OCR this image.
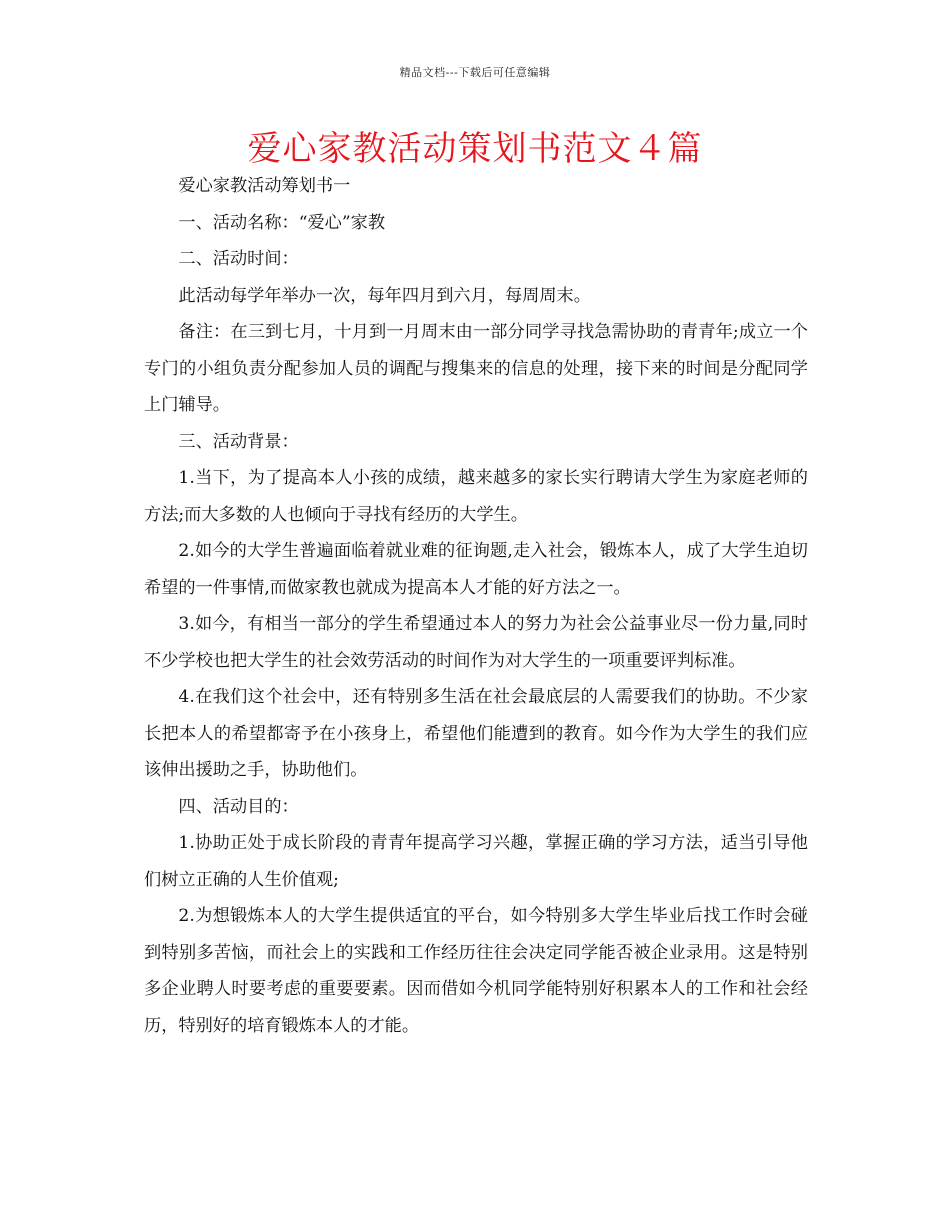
精品文档---下载后可任意编辑
爱心家教活动策划书范文４篇

爱心家教活动筹划书一

一、活动名称：“爱心”家教

二、活动时间：

此活动每学年举办一次，每年四月到六月，每周周末。

备注：在三到七月，十月到一月周末由一部分同学寻找急需协助的青青年;成立一个专门的小组负责分配参加人员的调配与搜集来的信息的处理，接下来的时间是分配同学上门辅导。

三、活动背景：

1.当下，为了提高本人小孩的成绩，越来越多的家长实行聘请大学生为家庭老师的方法;而大多数的人也倾向于寻找有经历的大学生。

2.如今的大学生普遍面临着就业难的征询题,走入社会，锻炼本人，成了大学生迫切希望的一件事情,而做家教也就成为提高本人才能的好方法之一。

3.如今，有相当一部分的学生希望通过本人的努力为社会公益事业尽一份力量,同时不少学校也把大学生的社会效劳活动的时间作为对大学生的一项重要评判标准。

4.在我们这个社会中，还有特别多生活在社会最底层的人需要我们的协助。不少家长把本人的希望都寄予在小孩身上，希望他们能遭到的教育。如今作为大学生的我们应该伸出援助之手，协助他们。

四、活动目的：

1.协助正处于成长阶段的青青年提高学习兴趣，掌握正确的学习方法，适当引导他们树立正确的人生价值观;

2.为想锻炼本人的大学生提供适宜的平台，如今特别多大学生毕业后找工作时会碰到特别多苦恼，而社会上的实践和工作经历往往会决定同学能否被企业录用。这是特别多企业聘人时要考虑的重要要素。因而借如今机同学能特别好积累本人的工作和社会经历，特别好的培育锻炼本人的才能。
